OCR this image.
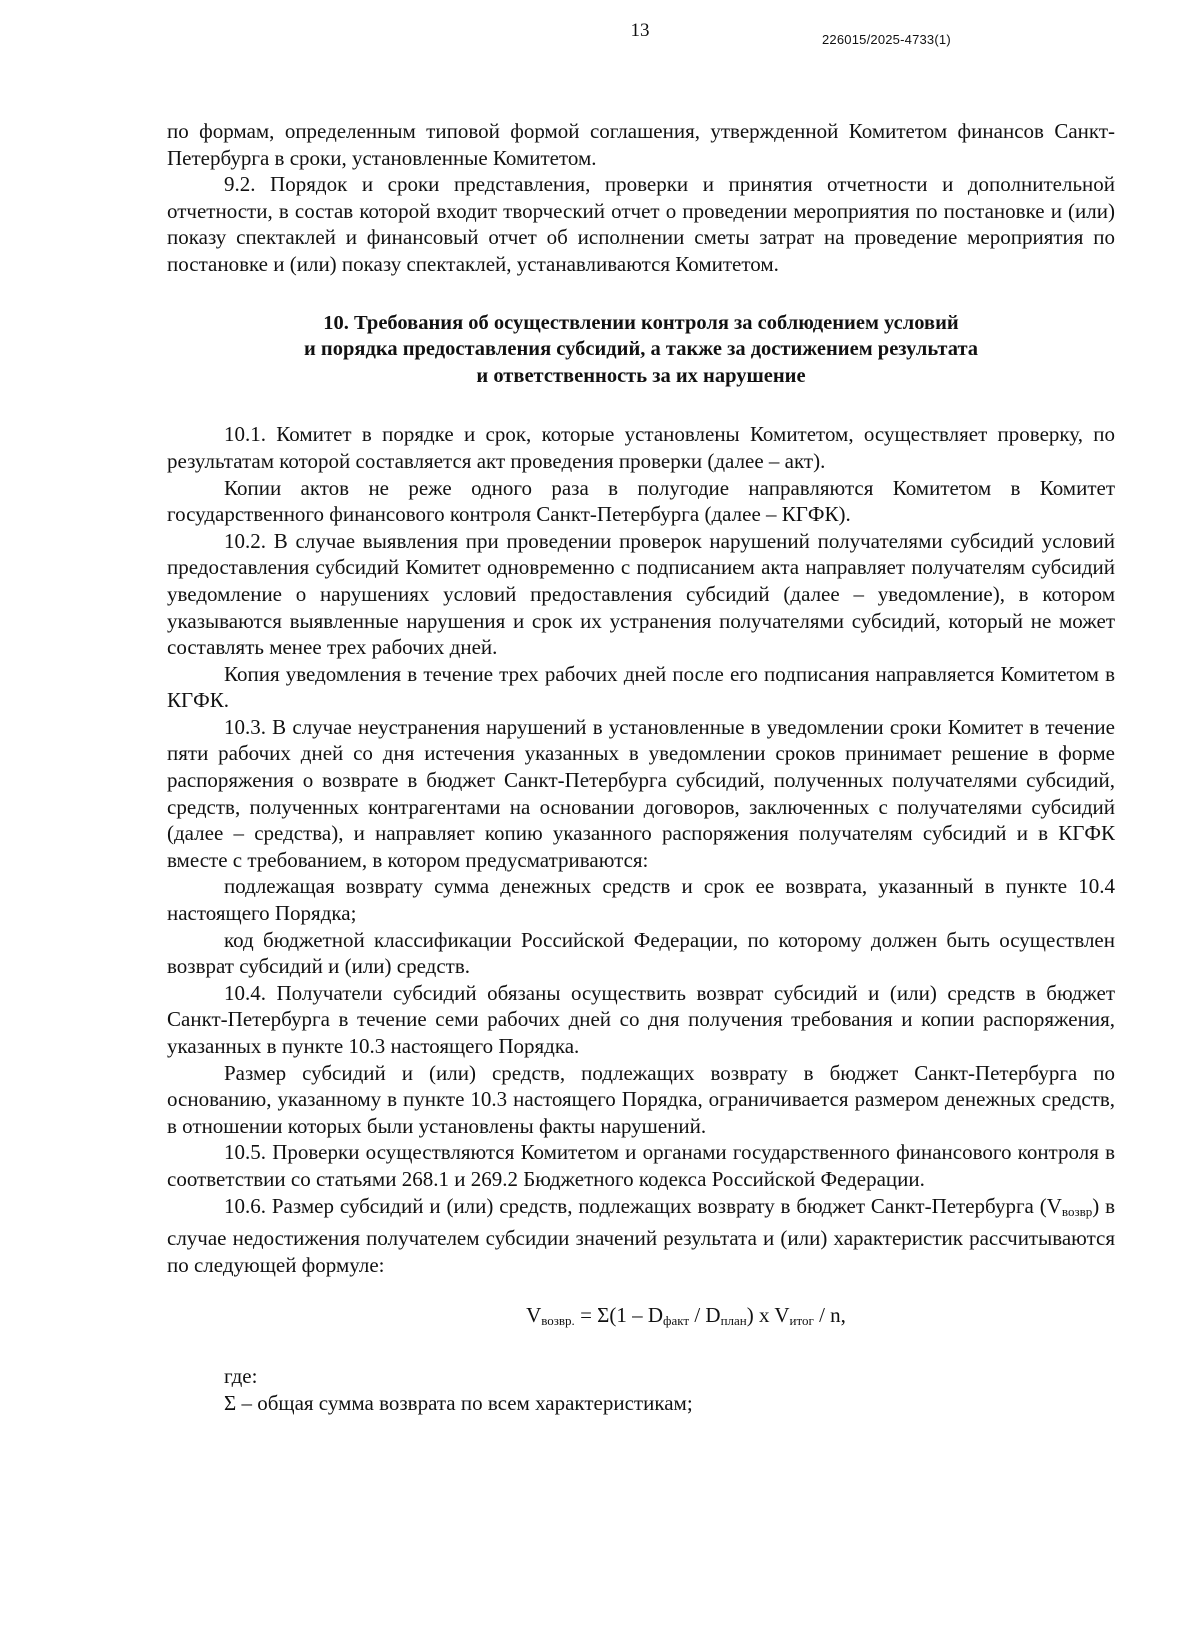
13	226015/2025-4733(1)

по формам, определенным типовой формой соглашения, утвержденной Комитетом финансов Санкт-Петербурга в сроки, установленные Комитетом.

9.2. Порядок и сроки представления, проверки и принятия отчетности и дополнительной отчетности, в состав которой входит творческий отчет о проведении мероприятия по постановке и (или) показу спектаклей и финансовый отчет об исполнении сметы затрат на проведение мероприятия по постановке и (или) показу спектаклей, устанавливаются Комитетом.

10. Требования об осуществлении контроля за соблюдением условий
и порядка предоставления субсидий, а также за достижением результата
и ответственность за их нарушение

10.1. Комитет в порядке и срок, которые установлены Комитетом, осуществляет проверку, по результатам которой составляется акт проведения проверки (далее – акт).

Копии актов не реже одного раза в полугодие направляются Комитетом в Комитет государственного финансового контроля Санкт-Петербурга (далее – КГФК).

10.2. В случае выявления при проведении проверок нарушений получателями субсидий условий предоставления субсидий Комитет одновременно с подписанием акта направляет получателям субсидий уведомление о нарушениях условий предоставления субсидий (далее – уведомление), в котором указываются выявленные нарушения и срок их устранения получателями субсидий, который не может составлять менее трех рабочих дней.

Копия уведомления в течение трех рабочих дней после его подписания направляется Комитетом в КГФК.

10.3. В случае неустранения нарушений в установленные в уведомлении сроки Комитет в течение пяти рабочих дней со дня истечения указанных в уведомлении сроков принимает решение в форме распоряжения о возврате в бюджет Санкт-Петербурга субсидий, полученных получателями субсидий, средств, полученных контрагентами на основании договоров, заключенных с получателями субсидий (далее – средства), и направляет копию указанного распоряжения получателям субсидий и в КГФК вместе с требованием, в котором предусматриваются:

подлежащая возврату сумма денежных средств и срок ее возврата, указанный в пункте 10.4 настоящего Порядка;

код бюджетной классификации Российской Федерации, по которому должен быть осуществлен возврат субсидий и (или) средств.

10.4. Получатели субсидий обязаны осуществить возврат субсидий и (или) средств в бюджет Санкт-Петербурга в течение семи рабочих дней со дня получения требования и копии распоряжения, указанных в пункте 10.3 настоящего Порядка.

Размер субсидий и (или) средств, подлежащих возврату в бюджет Санкт-Петербурга по основанию, указанному в пункте 10.3 настоящего Порядка, ограничивается размером денежных средств, в отношении которых были установлены факты нарушений.

10.5. Проверки осуществляются Комитетом и органами государственного финансового контроля в соответствии со статьями 268.1 и 269.2 Бюджетного кодекса Российской Федерации.

10.6. Размер субсидий и (или) средств, подлежащих возврату в бюджет Санкт-Петербурга $(V_{возвр})$ в случае недостижения получателем субсидии значений результата и (или) характеристик рассчитываются по следующей формуле:

$V_{возвр.} = \Sigma(1 - D_{факт} / D_{план})$ x $V_{итог}$ / n,

где:

Σ – общая сумма возврата по всем характеристикам;
